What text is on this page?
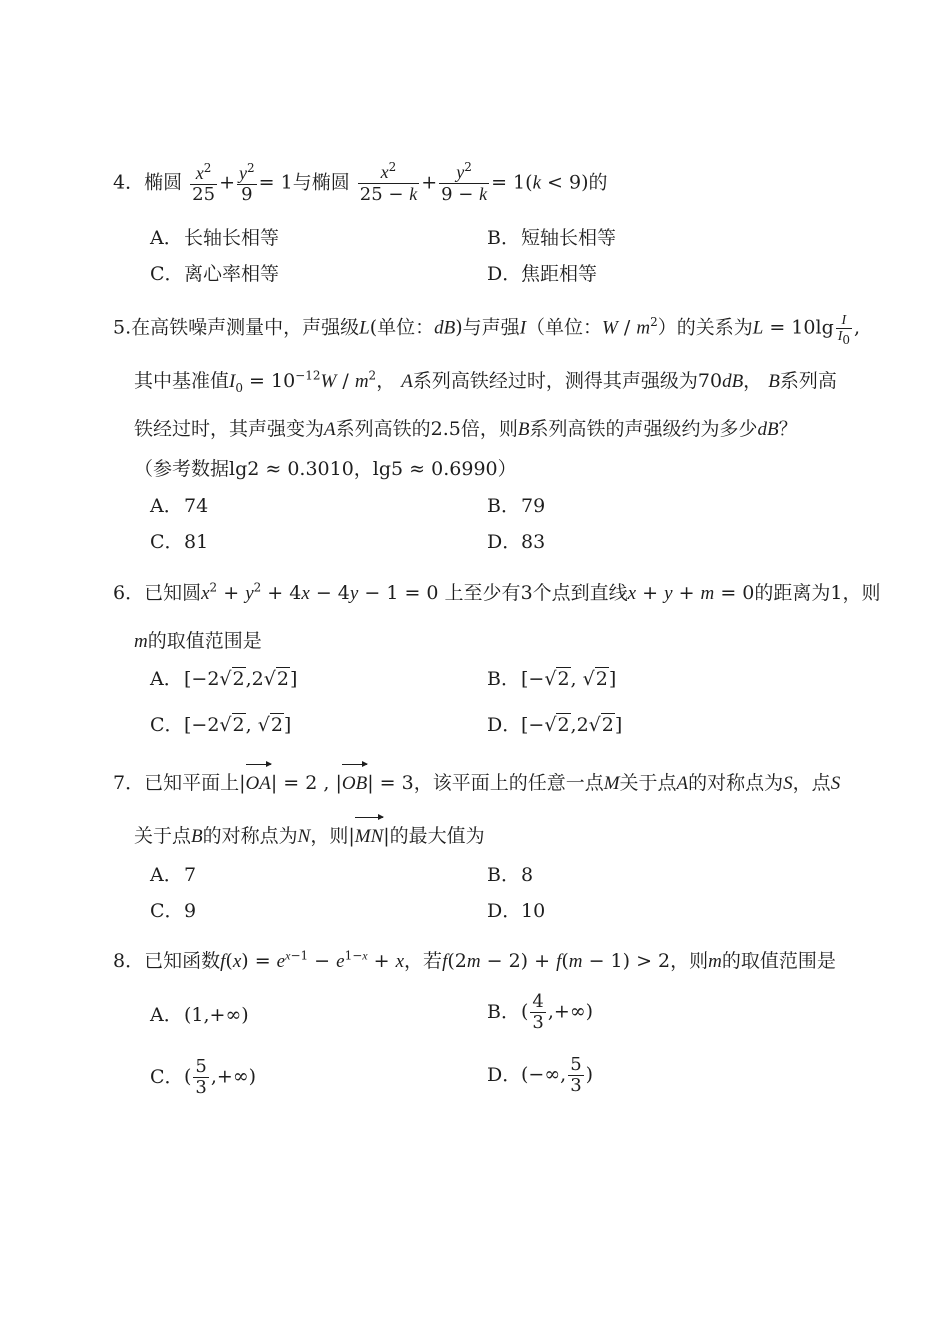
4．椭圆 $\frac{x^2}{25} + \frac{y^2}{9} = 1$与椭圆 $\frac{x^2}{25 - k} + \frac{y^2}{9 - k} = 1(k < 9)$的
A．长轴长相等	B．短轴长相等
C．离心率相等	D．焦距相等
5.在高铁噪声测量中，声强级L(单位：dB)与声强I（单位：W / $m^2$）的关系为$L = 10\lg \frac{I}{I_0}$ ,
其中基准值$I_0 = 10^{-12}W / m^2$， A系列高铁经过时，测得其声强级为70dB， B系列高
铁经过时，其声强变为A系列高铁的2.5倍，则B系列高铁的声强级约为多少dB？
（参考数据lg2 ≈ 0.3010，lg5 ≈ 0.6990）
A．74	B．79
C．81	D．83
6．已知圆$x^2 + y^2 + 4x - 4y - 1 = 0$ 上至少有3个点到直线x + y + m = 0的距离为1，则
m的取值范围是
A．[−2√2,2√2]	B．[−√2, √2]
C．[−2√2, √2]	D．[−√2,2√2]
7．已知平面上|OA
| = 2 , |OB
| = 3，该平面上的任意一点M关于点A的对称点为S，点S
关于点B的对称点为N，则|MN
|的最大值为
A．7	B．8
C．9	D．10
8．已知函数$f(x) = e^{x-1} - e^{1-x} + x$，若f(2m − 2) + f(m − 1) > 2，则m的取值范围是
A．(1,+∞)	B．( $\frac{4}{3}$ ,+∞)
C．( $\frac{5}{3}$ ,+∞)	D．(−∞, $\frac{5}{3}$ )
